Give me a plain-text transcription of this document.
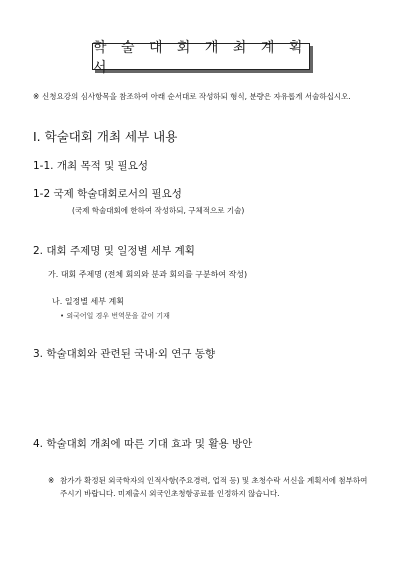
학 술 대 회 개 최 계 획 서
※ 신청요강의 심사항목을 참조하여 아래 순서대로 작성하되 형식, 분량은 자유롭게 서술하십시오.
Ⅰ. 학술대회 개최 세부 내용
1-1. 개최 목적 및 필요성
1-2 국제 학술대회로서의 필요성
(국제 학술대회에 한하여 작성하되, 구체적으로 기술)
2. 대회 주제명 및 일정별 세부 계획
가. 대회 주제명 (전체 회의와 분과 회의를 구분하여 작성)
나. 일정별 세부 계획
• 외국어일 경우 번역문을 같이 기재
3. 학술대회와 관련된 국내·외 연구 동향
4. 학술대회 개최에 따른 기대 효과 및 활용 방안
※ 참가가 확정된 외국학자의 인적사항(주요경력, 업적 등) 및 초청수락 서신을 계획서에 첨부하여 주시기 바랍니다. 미제출시 외국인초청항공료를 인정하지 않습니다.
